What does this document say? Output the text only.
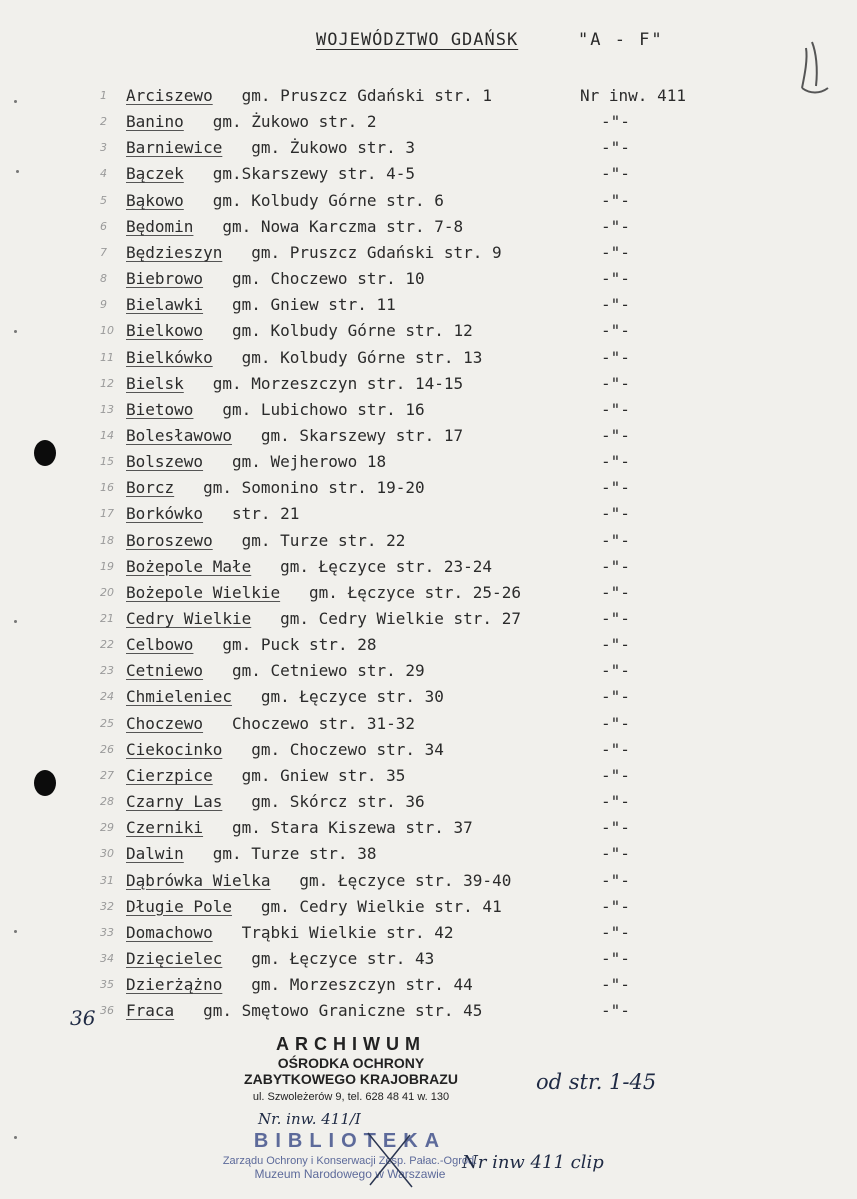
WOJEWÓDZTWO GDAŃSK	"A - F"
1 Arciszewo gm. Pruszcz Gdański str. 1	Nr inw. 411
2 Banino gm. Żukowo str. 2	-"-
3 Barniewice gm. Żukowo str. 3	-"-
4 Bączek gm.Skarszewy str. 4-5	-"-
5 Bąkowo gm. Kolbudy Górne str. 6	-"-
6 Będomin gm. Nowa Karczma str. 7-8	-"-
7 Będzieszyn gm. Pruszcz Gdański str. 9	-"-
8 Biebrowo gm. Choczewo str. 10	-"-
9 Bielawki gm. Gniew str. 11	-"-
10 Bielkowo gm. Kolbudy Górne str. 12	-"-
11 Bielkówko gm. Kolbudy Górne str. 13	-"-
12 Bielsk gm. Morzeszczyn str. 14-15	-"-
13 Bietowo gm. Lubichowo str. 16	-"-
14 Bolesławowo gm. Skarszewy str. 17	-"-
15 Bolszewo gm. Wejherowo 18	-"-
16 Borcz gm. Somonino str. 19-20	-"-
17 Borkówko str. 21	-"-
18 Boroszewo gm. Turze str. 22	-"-
19 Bożepole Małe gm. Łęczyce str. 23-24	-"-
20 Bożepole Wielkie gm. Łęczyce str. 25-26	-"-
21 Cedry Wielkie gm. Cedry Wielkie str. 27	-"-
22 Celbowo gm. Puck str. 28	-"-
23 Cetniewo gm. Cetniewo str. 29	-"-
24 Chmieleniec gm. Łęczyce str. 30	-"-
25 Choczewo Choczewo str. 31-32	-"-
26 Ciekocinko gm. Choczewo str. 34	-"-
27 Cierzpice gm. Gniew str. 35	-"-
28 Czarny Las gm. Skórcz str. 36	-"-
29 Czerniki gm. Stara Kiszewa str. 37	-"-
30 Dalwin gm. Turze str. 38	-"-
31 Dąbrówka Wielka gm. Łęczyce str. 39-40	-"-
32 Długie Pole gm. Cedry Wielkie str. 41	-"-
33 Domachowo Trąbki Wielkie str. 42	-"-
34 Dzięcielec gm. Łęczyce str. 43	-"-
35 Dzierżążno gm. Morzeszczyn str. 44	-"-
36 Fraca gm. Smętowo Graniczne str. 45	-"-
36
ARCHIWUM
OŚRODKA OCHRONY
ZABYTKOWEGO KRAJOBRAZU
ul. Szwoleżerów 9, tel. 628 48 41 w. 130
Nr. inw. 411/I
BIBLIOTEKA
Zarządu Ochrony i Konserwacji Zesp. Pałac.-Ogrod.
Muzeum Narodowego w Warszawie
od str. 1-45
Nr inw 411 clip
